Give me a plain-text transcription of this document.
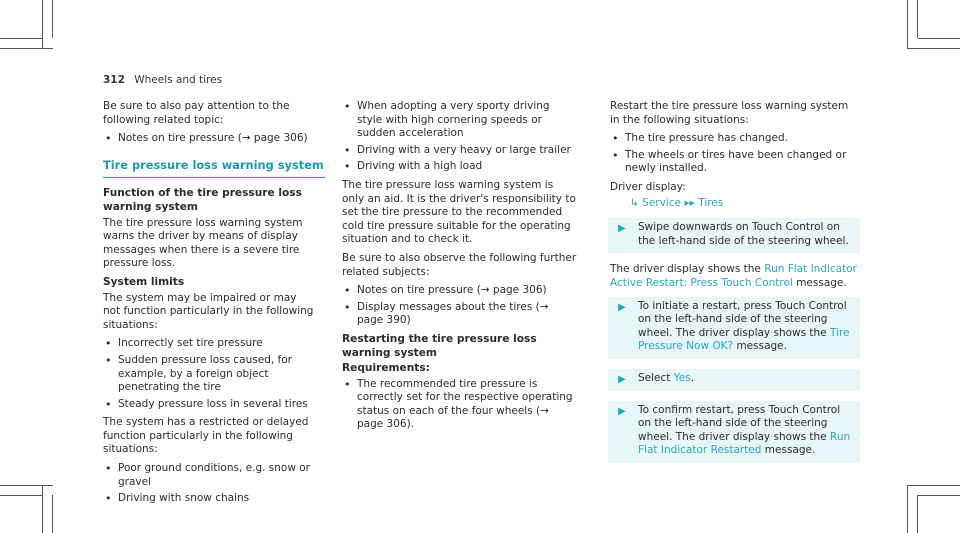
312 Wheels and tires

Be sure to also pay attention to the following related topic:

• Notes on tire pressure (→ page 306)
Tire pressure loss warning system
Function of the tire pressure loss warning system

The tire pressure loss warning system warns the driver by means of display messages when there is a severe tire pressure loss.

System limits

The system may be impaired or may not function particularly in the following situations:

• Incorrectly set tire pressure
• Sudden pressure loss caused, for example, by a foreign object penetrating the tire
• Steady pressure loss in several tires

The system has a restricted or delayed function particularly in the following situations:

• Poor ground conditions, e.g. snow or gravel
• Driving with snow chains
• When adopting a very sporty driving style with high cornering speeds or sudden acceleration
• Driving with a very heavy or large trailer
• Driving with a high load

The tire pressure loss warning system is only an aid. It is the driver's responsibility to set the tire pressure to the recommended cold tire pressure suitable for the operating situation and to check it.

Be sure to also observe the following further related subjects:

• Notes on tire pressure (→ page 306)
• Display messages about the tires (→ page 390)
Restarting the tire pressure loss warning system
Requirements:
• The recommended tire pressure is correctly set for the respective operating status on each of the four wheels (→ page 306).

Restart the tire pressure loss warning system in the following situations:

• The tire pressure has changed.
• The wheels or tires have been changed or newly installed.

Driver display:

↳ Service ▸▸ Tires
▶ Swipe downwards on Touch Control on the left-hand side of the steering wheel.

The driver display shows the Run Flat Indicator Active Restart: Press Touch Control message.

▶ To initiate a restart, press Touch Control on the left-hand side of the steering wheel. The driver display shows the Tire Pressure Now OK? message.
▶ Select Yes.
▶ To confirm restart, press Touch Control on the left-hand side of the steering wheel. The driver display shows the Run Flat Indicator Restarted message.
